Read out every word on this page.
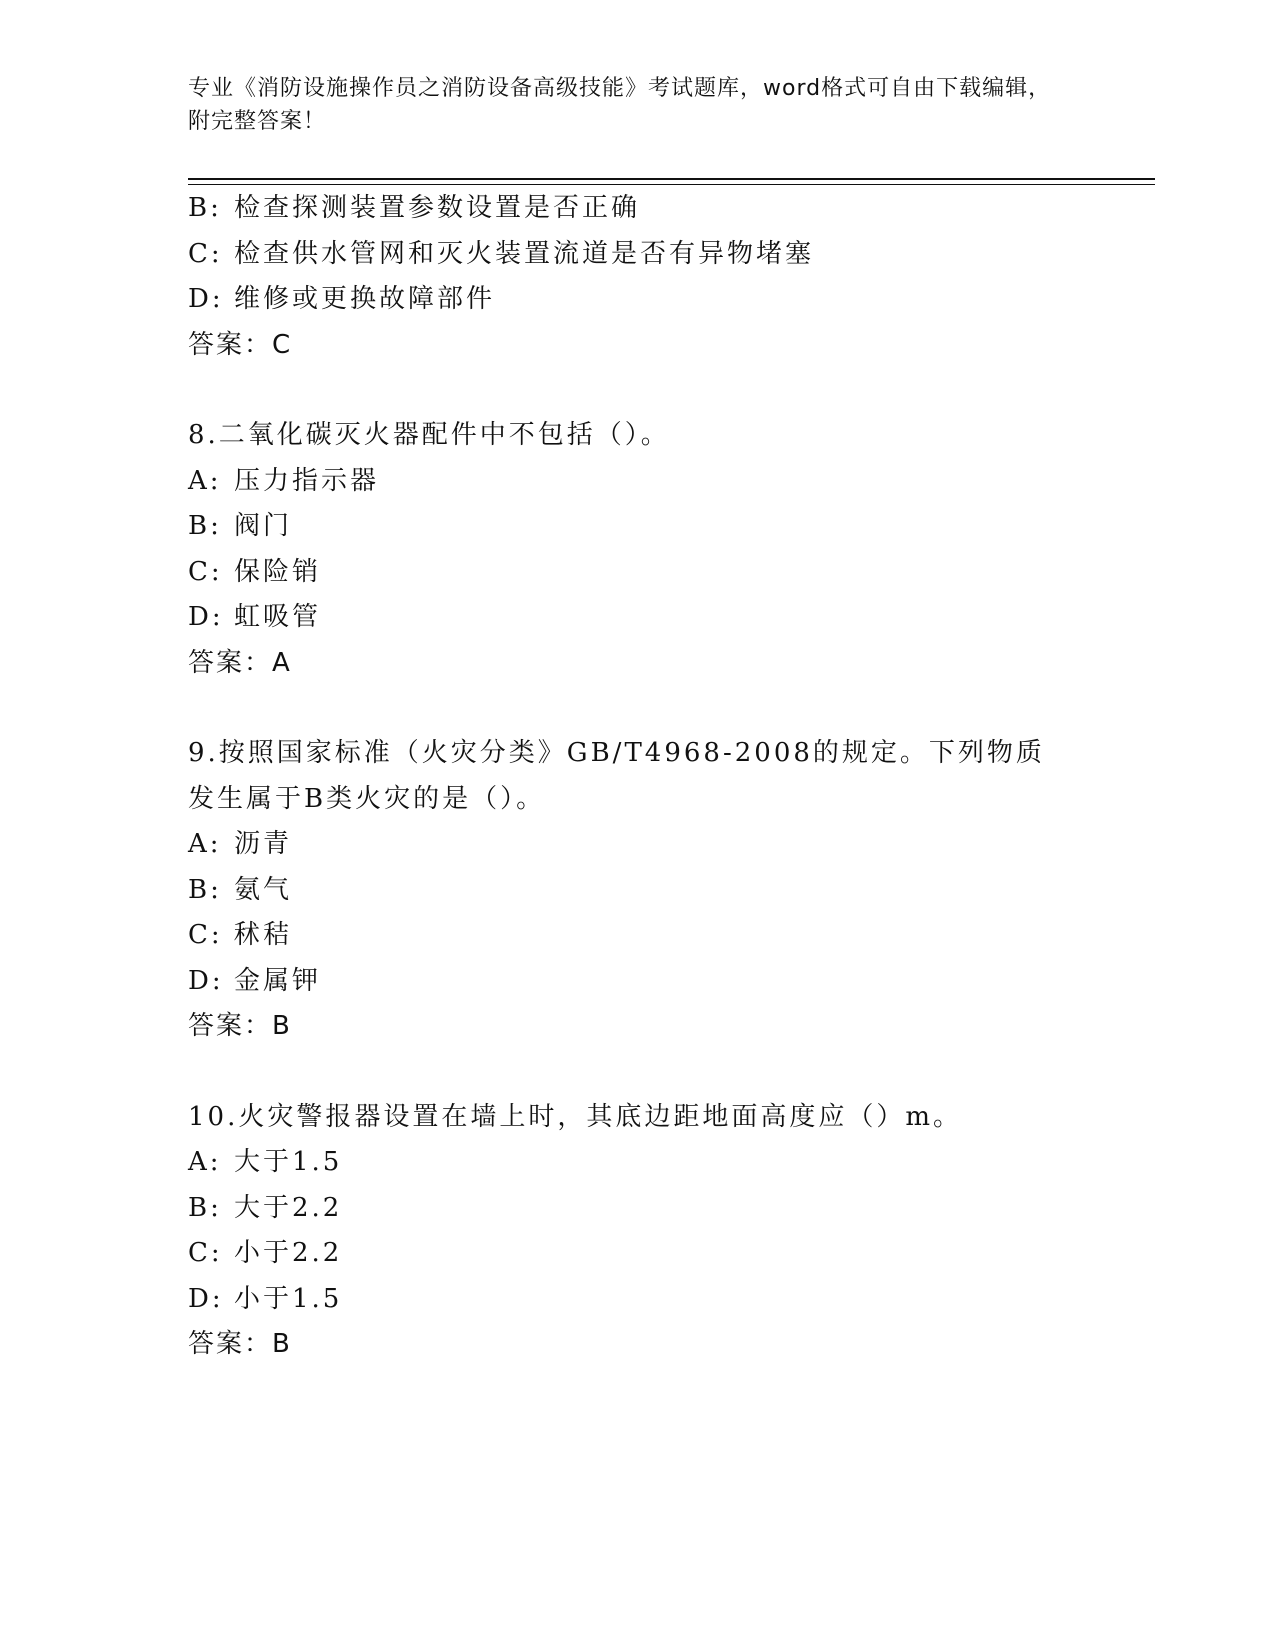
专业《消防设施操作员之消防设备高级技能》考试题库，word格式可自由下载编辑，附完整答案！
B: 检查探测装置参数设置是否正确
C: 检查供水管网和灭火装置流道是否有异物堵塞
D: 维修或更换故障部件
答案：C
8.二氧化碳灭火器配件中不包括（）。
A: 压力指示器
B: 阀门
C: 保险销
D: 虹吸管
答案：A
9.按照国家标准（火灾分类》GB/T4968-2008的规定。下列物质发生属于B类火灾的是（）。
A: 沥青
B: 氨气
C: 秫秸
D: 金属钾
答案：B
10.火灾警报器设置在墙上时，其底边距地面高度应（）m。
A: 大于1.5
B: 大于2.2
C: 小于2.2
D: 小于1.5
答案：B
